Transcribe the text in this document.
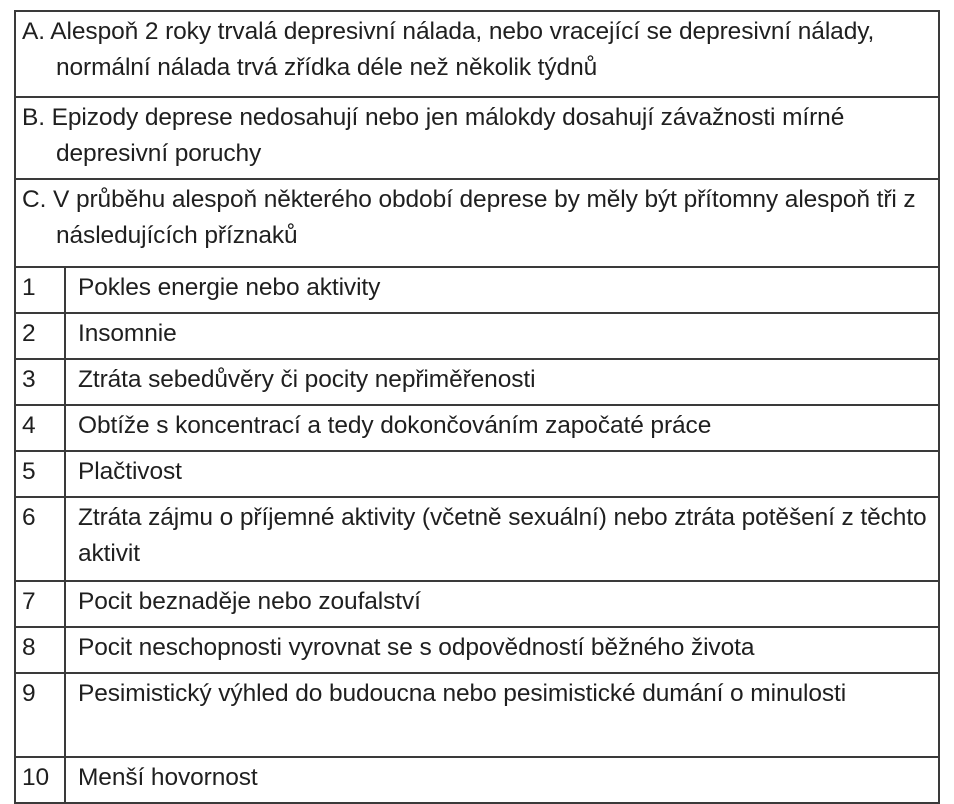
A. Alespoň 2 roky trvalá depresivní nálada, nebo vracející se depresivní nálady, normální nálada trvá zřídka déle než několik týdnů	

B. Epizody deprese nedosahují nebo jen málokdy dosahují závažnosti mírné depresivní poruchy	

C. V průběhu alespoň některého období deprese by měly být přítomny alespoň tři z následujících příznaků	

1	Pokles energie nebo aktivity
2	Insomnie
3	Ztráta sebedůvěry či pocity nepřiměřenosti
4	Obtíže s koncentrací a tedy dokončováním započaté práce
5	Plačtivost
6	Ztráta zájmu o příjemné aktivity (včetně sexuální) nebo ztráta potěšení z těchto aktivit
7	Pocit beznaděje nebo zoufalství
8	Pocit neschopnosti vyrovnat se s odpovědností běžného života
9	Pesimistický výhled do budoucna nebo pesimistické dumání o minulosti
10	Menší hovornost
